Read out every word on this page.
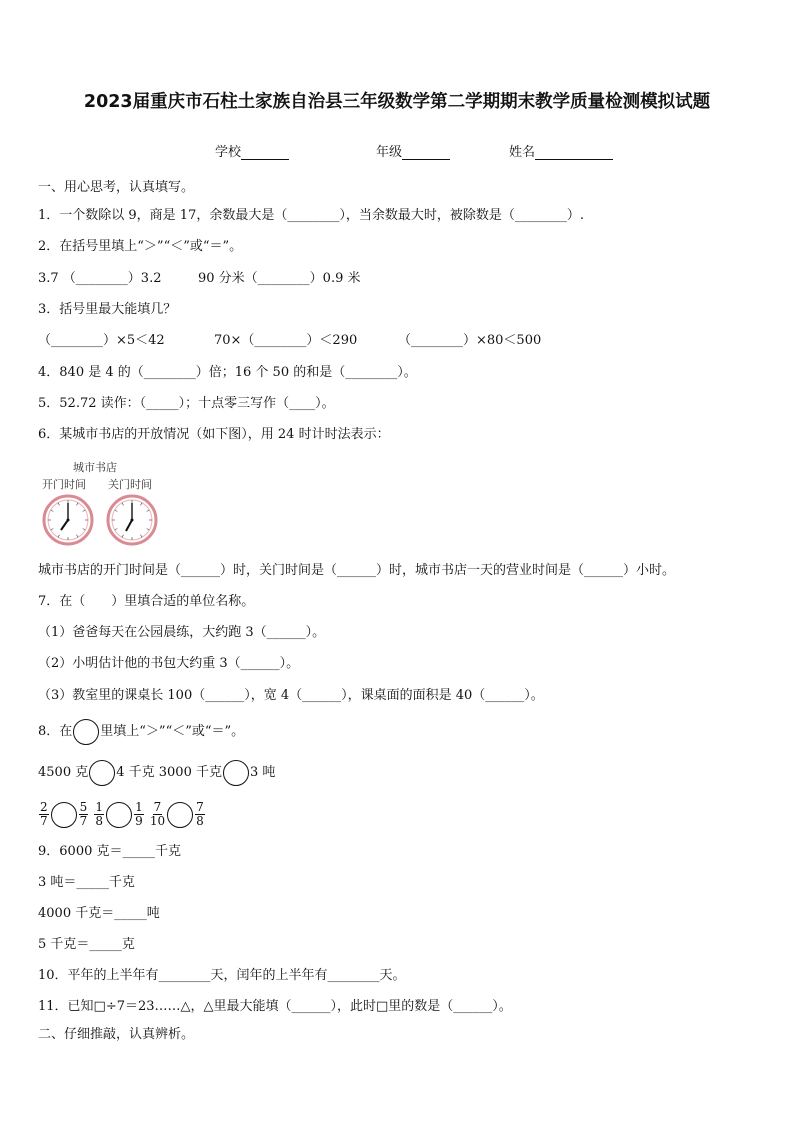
2023届重庆市石柱土家族自治县三年级数学第二学期期末教学质量检测模拟试题
学校	年级	姓名
一、用心思考，认真填写。
1．一个数除以 9，商是 17，余数最大是（________），当余数最大时，被除数是（________）.
2．在括号里填上“＞”“＜”或“＝”。
3.7 （________）3.2	90 分米（________）0.9 米
3．括号里最大能填几？
（________）×5＜42	70×（________）＜290	（________）×80＜500
4．840 是 4 的（________）倍；16 个 50 的和是（________）。
5．52.72 读作：（_____）；十点零三写作（____）。
6．某城市书店的开放情况（如下图），用 24 时计时法表示：
城市书店
开门时间 关门时间
城市书店的开门时间是（______）时，关门时间是（______）时，城市书店一天的营业时间是（______）小时。
7．在（　　）里填合适的单位名称。
（1）爸爸每天在公园晨练，大约跑 3（______）。
（2）小明估计他的书包大约重 3（______）。
（3）教室里的课桌长 100（______），宽 4（______），课桌面的面积是 40（______）。
8．在 里填上“＞”“＜”或“＝”。
4500 克 4 千克 3000 千克 3 吨
$\frac{2}{7}$	$\frac{5}{7}$
$\frac{1}{8}$	$\frac{1}{9}$
$\frac{7}{10}$	$\frac{7}{8}$
9．6000 克＝_____千克
3 吨＝_____千克
4000 千克＝_____吨
5 千克＝_____克
10．平年的上半年有________天，闰年的上半年有________天。
11．已知□÷7＝23……△，△里最大能填（______），此时□里的数是（______）。
二、仔细推敲，认真辨析。
